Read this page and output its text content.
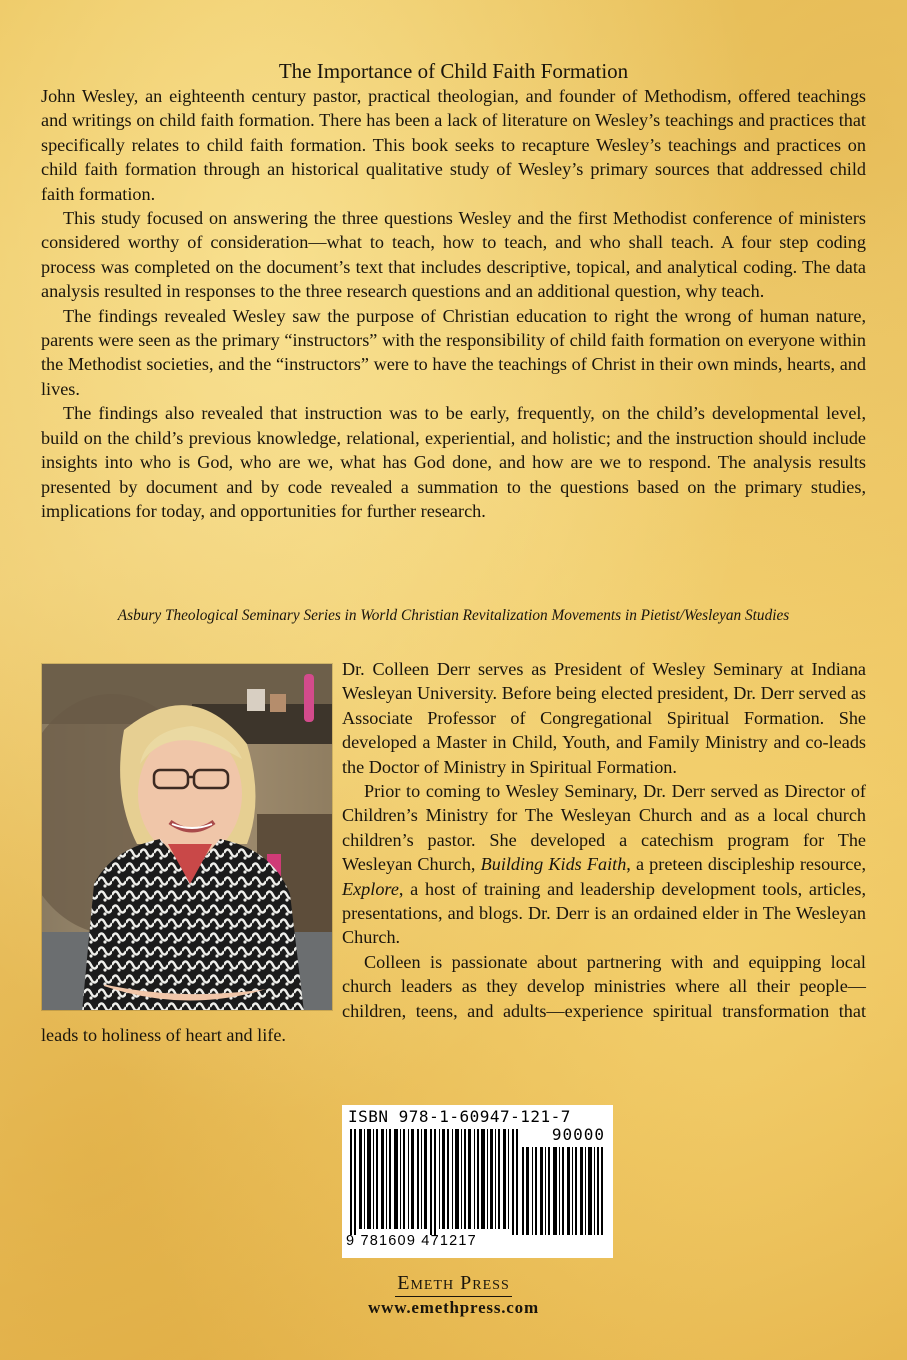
The Importance of Child Faith Formation

John Wesley, an eighteenth century pastor, practical theologian, and founder of Methodism, offered teachings and writings on child faith formation. There has been a lack of literature on Wesley’s teachings and practices that specifically relates to child faith formation. This book seeks to recapture Wesley’s teachings and practices on child faith formation through an historical qualitative study of Wesley’s primary sources that addressed child faith formation.

This study focused on answering the three questions Wesley and the first Methodist conference of ministers considered worthy of consideration—what to teach, how to teach, and who shall teach. A four step coding process was completed on the document’s text that includes descriptive, topical, and analytical coding. The data analysis resulted in responses to the three research questions and an additional question, why teach.

The findings revealed Wesley saw the purpose of Christian education to right the wrong of human nature, parents were seen as the primary “instructors” with the responsibility of child faith formation on everyone within the Methodist societies, and the “instructors” were to have the teachings of Christ in their own minds, hearts, and lives.

The findings also revealed that instruction was to be early, frequently, on the child’s developmental level, build on the child’s previous knowledge, relational, experiential, and holistic; and the instruction should include insights into who is God, who are we, what has God done, and how are we to respond. The analysis results presented by document and by code revealed a summation to the questions based on the primary studies, implications for today, and opportunities for further research.

Asbury Theological Seminary Series in World Christian Revitalization Movements in Pietist/Wesleyan Studies

Dr. Colleen Derr serves as President of Wesley Seminary at Indiana Wesleyan University. Before being elected president, Dr. Derr served as Associate Professor of Congregational Spiritual Formation. She developed a Master in Child, Youth, and Family Ministry and co-leads the Doctor of Ministry in Spiritual Formation.

Prior to coming to Wesley Seminary, Dr. Derr served as Director of Children’s Ministry for The Wesleyan Church and as a local church children’s pastor. She developed a catechism program for The Wesleyan Church, Building Kids Faith, a preteen discipleship resource, Explore, a host of training and leadership development tools, articles, presentations, and blogs. Dr. Derr is an ordained elder in The Wesleyan Church.

Colleen is passionate about partnering with and equipping local church leaders as they develop ministries where all their people—children, teens, and adults—experience spiritual transformation that leads to holiness of heart and life.

ISBN 978-1-60947-121-7
90000
9 781609 471217
Emeth Press
www.emethpress.com
